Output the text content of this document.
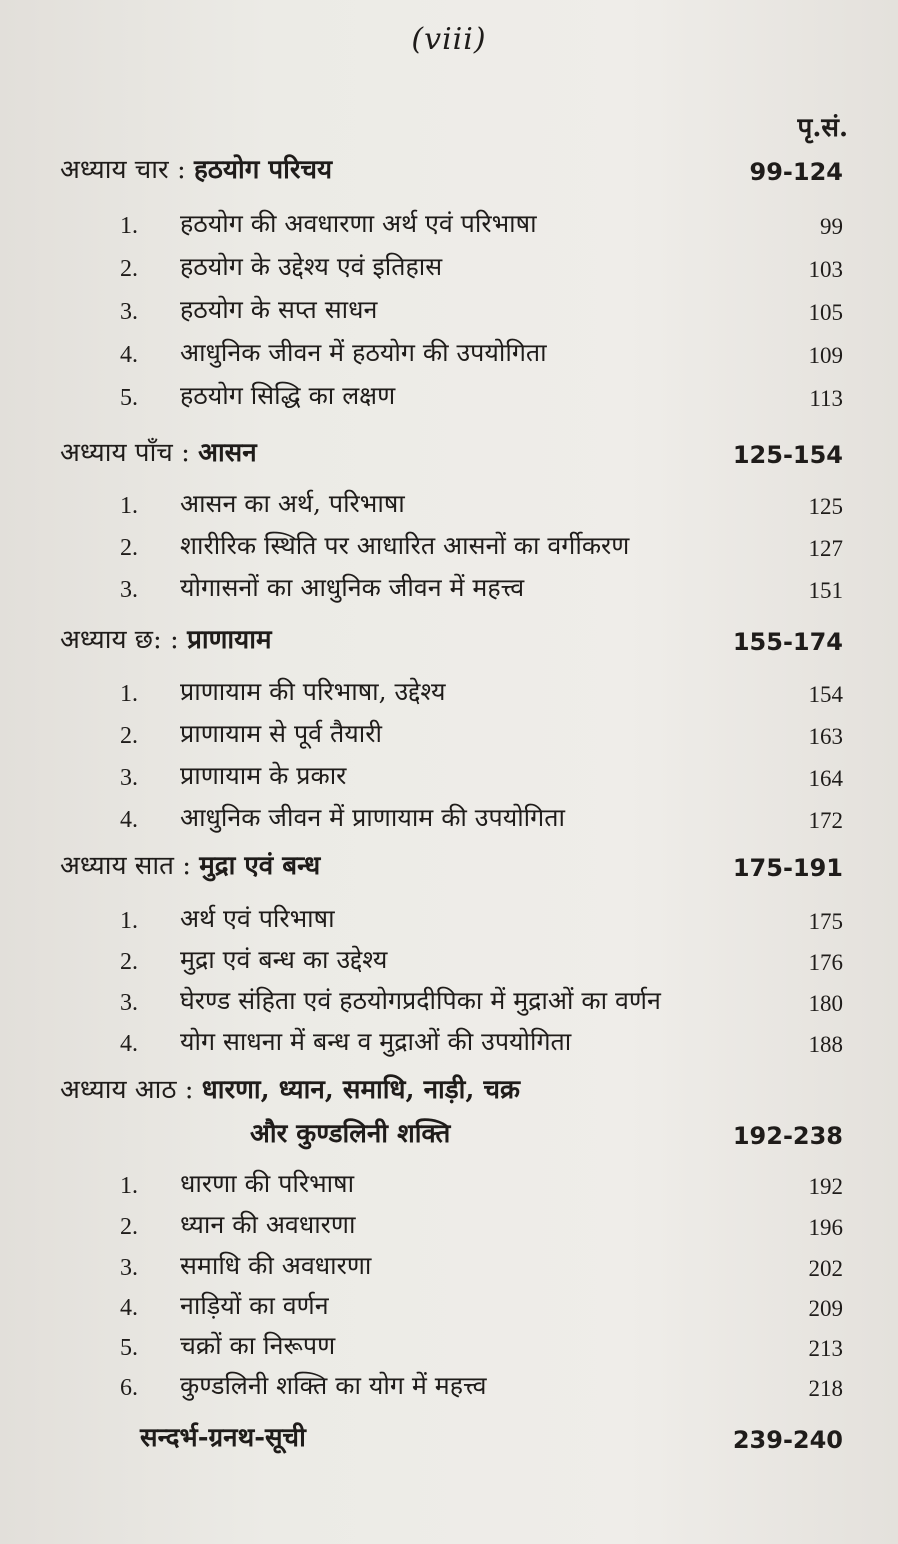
(viii)
पृ.सं.
अध्याय चार : हठयोग परिचय	99-124
1.	हठयोग की अवधारणा अर्थ एवं परिभाषा	99
2.	हठयोग के उद्देश्य एवं इतिहास	103
3.	हठयोग के सप्त साधन	105
4.	आधुनिक जीवन में हठयोग की उपयोगिता	109
5.	हठयोग सिद्धि का लक्षण	113
अध्याय पाँच : आसन	125-154
1.	आसन का अर्थ, परिभाषा	125
2.	शारीरिक स्थिति पर आधारित आसनों का वर्गीकरण	127
3.	योगासनों का आधुनिक जीवन में महत्त्व	151
अध्याय छ: : प्राणायाम	155-174
1.	प्राणायाम की परिभाषा, उद्देश्य	154
2.	प्राणायाम से पूर्व तैयारी	163
3.	प्राणायाम के प्रकार	164
4.	आधुनिक जीवन में प्राणायाम की उपयोगिता	172
अध्याय सात : मुद्रा एवं बन्ध	175-191
1.	अर्थ एवं परिभाषा	175
2.	मुद्रा एवं बन्ध का उद्देश्य	176
3.	घेरण्ड संहिता एवं हठयोगप्रदीपिका में मुद्राओं का वर्णन	180
4.	योग साधना में बन्ध व मुद्राओं की उपयोगिता	188
अध्याय आठ : धारणा, ध्यान, समाधि, नाड़ी, चक्र
और कुण्डलिनी शक्ति	192-238
1.	धारणा की परिभाषा	192
2.	ध्यान की अवधारणा	196
3.	समाधि की अवधारणा	202
4.	नाड़ियों का वर्णन	209
5.	चक्रों का निरूपण	213
6.	कुण्डलिनी शक्ति का योग में महत्त्व	218
सन्दर्भ-ग्रनथ-सूची	239-240
